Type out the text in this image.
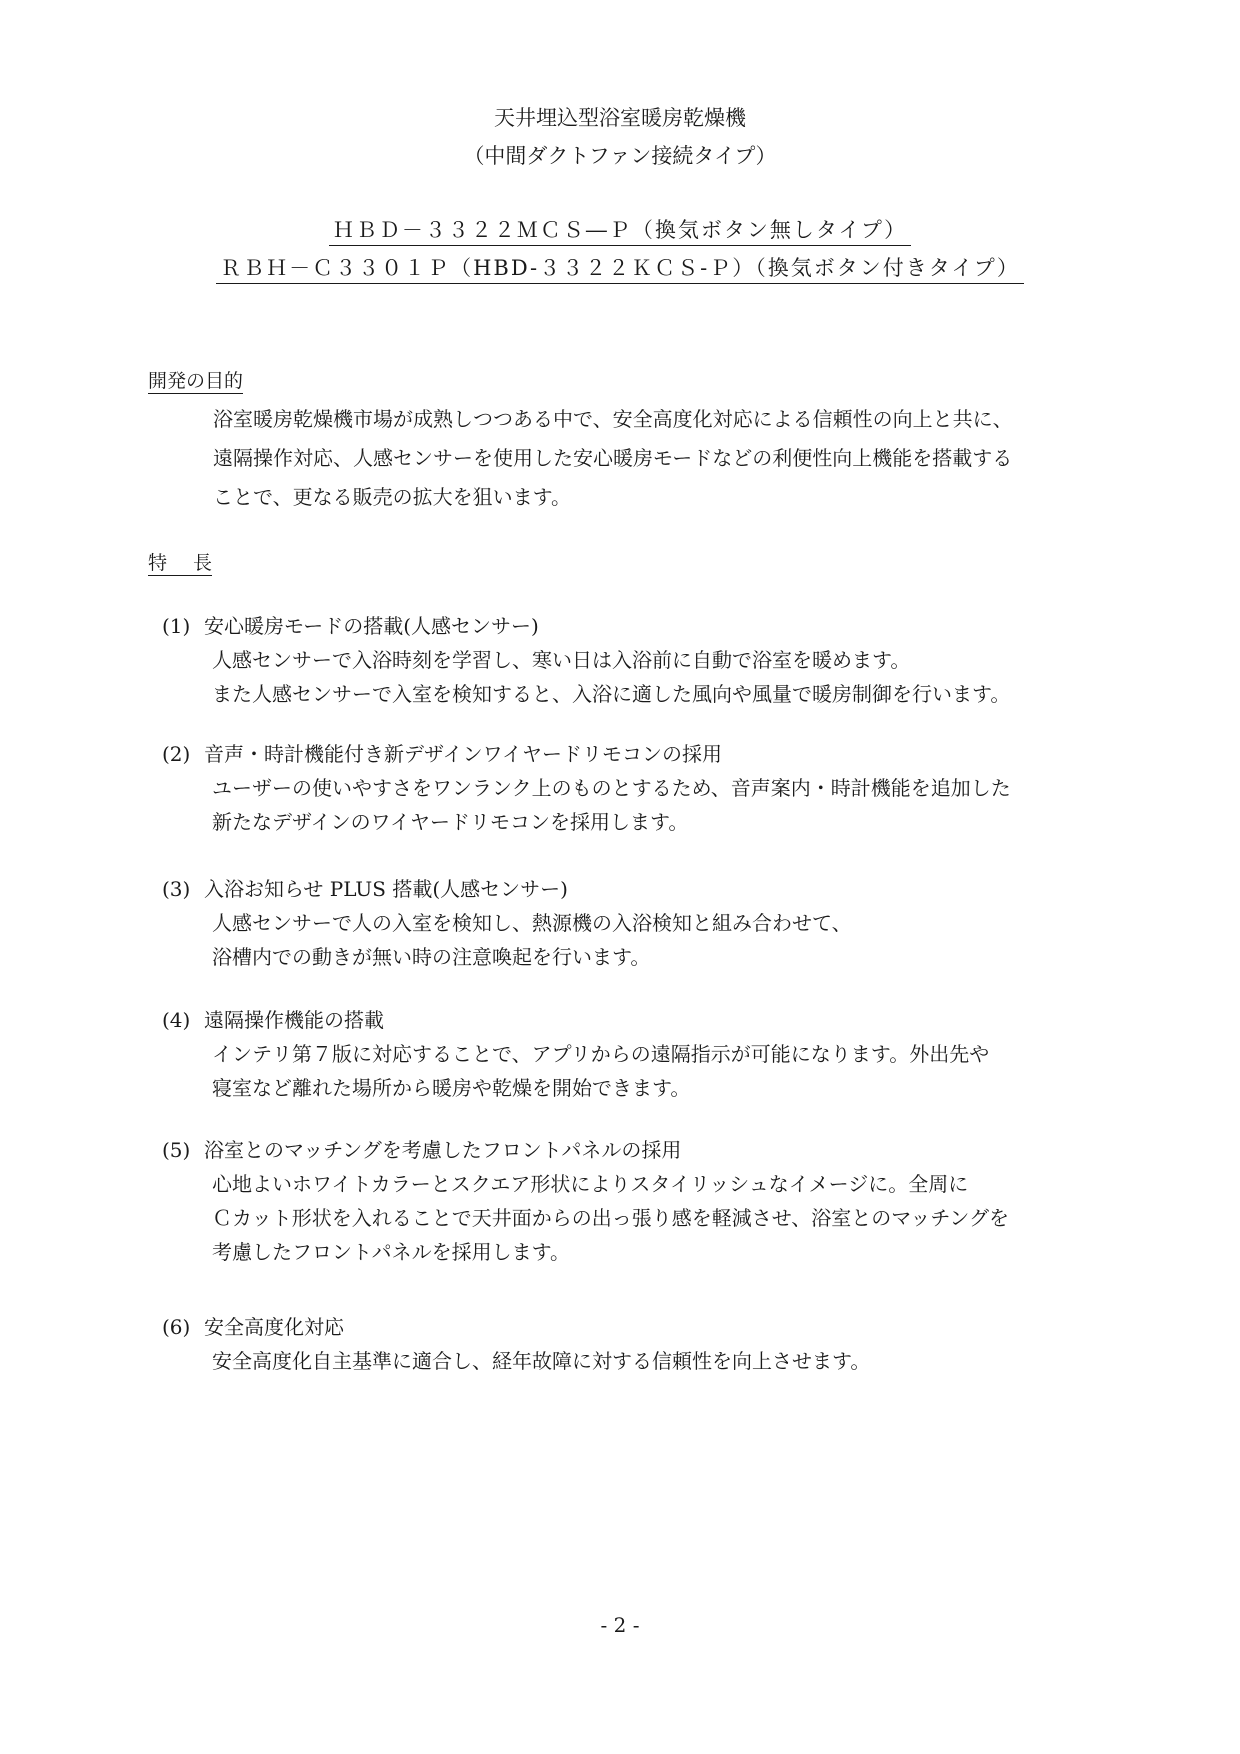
天井埋込型浴室暖房乾燥機
（中間ダクトファン接続タイプ）
ＨＢＤ－３３２２ＭＣＳ―Ｐ（換気ボタン無しタイプ）
ＲＢＨ－Ｃ３３０１Ｐ（HBD-３３２２ＫＣＳ-Ｐ）（換気ボタン付きタイプ）
開発の目的
浴室暖房乾燥機市場が成熟しつつある中で、安全高度化対応による信頼性の向上と共に、
遠隔操作対応、人感センサーを使用した安心暖房モードなどの利便性向上機能を搭載する
ことで、更なる販売の拡大を狙います。
特長
(1) 安心暖房モードの搭載(人感センサー)
人感センサーで入浴時刻を学習し、寒い日は入浴前に自動で浴室を暖めます。
また人感センサーで入室を検知すると、入浴に適した風向や風量で暖房制御を行います。
(2) 音声・時計機能付き新デザインワイヤードリモコンの採用
ユーザーの使いやすさをワンランク上のものとするため、音声案内・時計機能を追加した
新たなデザインのワイヤードリモコンを採用します。
(3) 入浴お知らせ PLUS 搭載(人感センサー)
人感センサーで人の入室を検知し、熱源機の入浴検知と組み合わせて、
浴槽内での動きが無い時の注意喚起を行います。
(4) 遠隔操作機能の搭載
インテリ第７版に対応することで、アプリからの遠隔指示が可能になります。外出先や
寝室など離れた場所から暖房や乾燥を開始できます。
(5) 浴室とのマッチングを考慮したフロントパネルの採用
心地よいホワイトカラーとスクエア形状によりスタイリッシュなイメージに。全周に
Ｃカット形状を入れることで天井面からの出っ張り感を軽減させ、浴室とのマッチングを
考慮したフロントパネルを採用します。
(6) 安全高度化対応
安全高度化自主基準に適合し、経年故障に対する信頼性を向上させます。
- 2 -
